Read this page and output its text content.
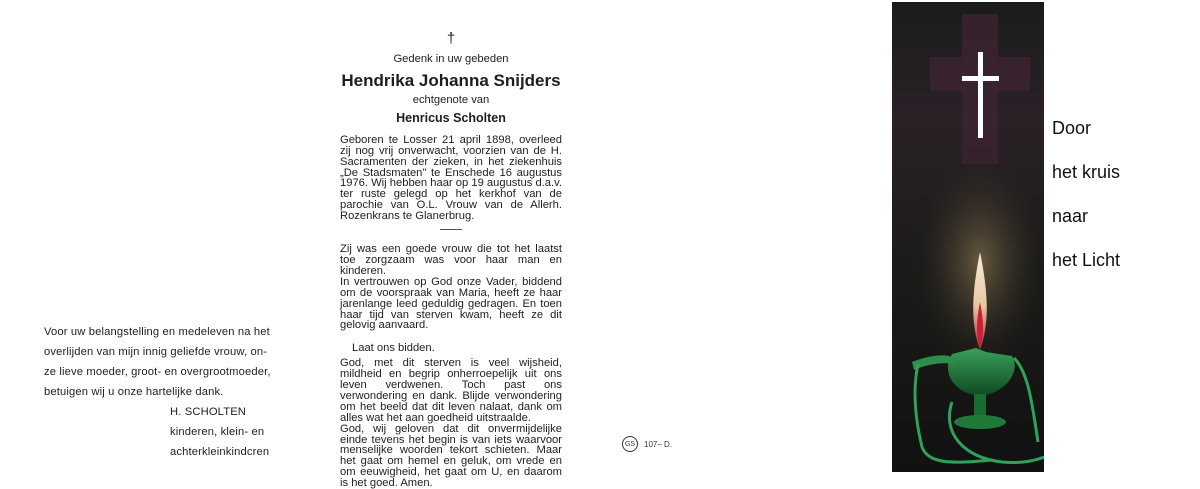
Voor uw belangstelling en medeleven na het
overlijden van mijn innig geliefde vrouw, on-
ze lieve moeder, groot- en overgrootmoeder,
betuigen wij u onze hartelijke dank.
H. SCHOLTEN
kinderen, klein- en
achterkleinkindcren
†
Gedenk in uw gebeden
Hendrika Johanna Snijders
echtgenote van
Henricus Scholten
Geboren te Losser 21 april 1898, overleed zij nog vrij onverwacht, voorzien van de H. Sacramenten der zieken, in het ziekenhuis „De Stadsmaten" te Enschede 16 augustus 1976. Wij hebben haar op 19 augustus d.a.v. ter ruste gelegd op het kerkhof van de parochie van O.L. Vrouw van de Allerh. Rozenkrans te Glanerbrug.
Zij was een goede vrouw die tot het laatst toe zorgzaam was voor haar man en kinderen.
In vertrouwen op God onze Vader, biddend om de voorspraak van Maria, heeft ze haar jarenlange leed geduldig gedragen. En toen haar tijd van sterven kwam, heeft ze dit gelovig aanvaard.
Laat ons bidden.
God, met dit sterven is veel wijsheid, mildheid en begrip onherroepelijk uit ons leven verdwenen. Toch past ons verwondering en dank. Blijde verwondering om het beeld dat dit leven nalaat, dank om alles wat het aan goedheid uitstraalde.
God, wij geloven dat dit onvermijdelijke einde tevens het begin is van iets waarvoor menselijke woorden tekort schieten. Maar het gaat om hemel en geluk, om vrede en om eeuwigheid, het gaat om U, en daarom is het goed. Amen.
GS	107– D.
Door
het kruis
naar
het Licht
